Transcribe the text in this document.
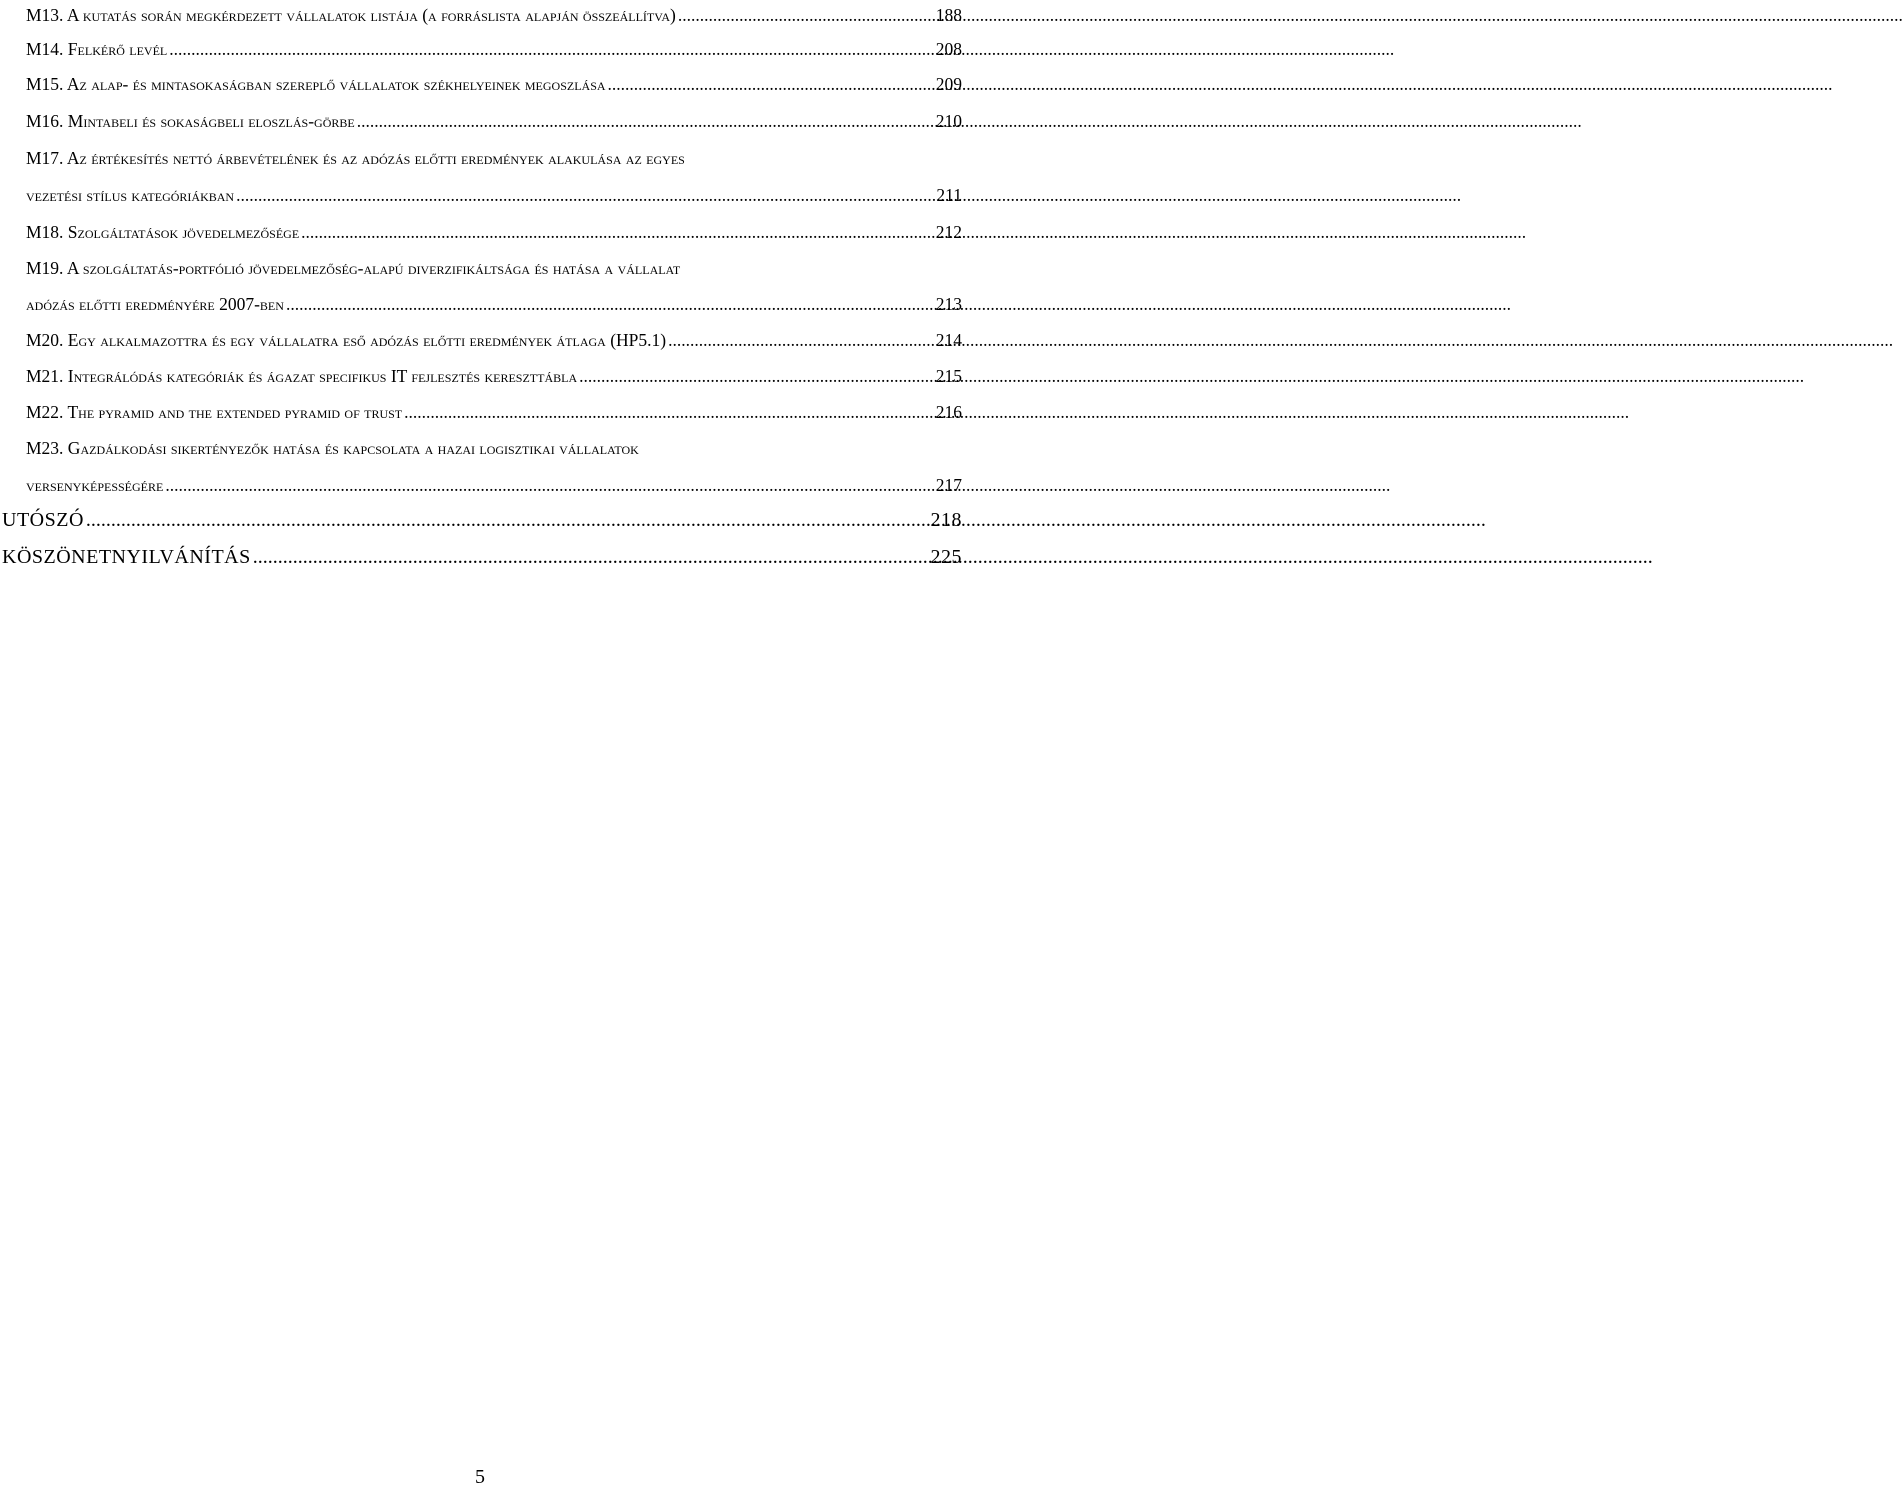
M13. A kutatás során megkérdezett vállalatok listája (a forráslista alapján összeállítva) .....	188
M14. Felkérő levél .....	208
M15. Az alap- és mintasokaságban szereplő vállalatok székhelyeinek megoszlása .....	209
M16. Mintabeli és sokaságbeli eloszlás-görbe .....	210
M17. Az értékesítés nettó árbevételének és az adózás előtti eredmények alakulása az egyes
vezetési stílus kategóriákban .....	211
M18. Szolgáltatások jövedelmezősége .....	212
M19. A szolgáltatás-portfólió jövedelmezőség-alapú diverzifikáltsága és hatása a vállalat
adózás előtti eredményére 2007-ben .....	213
M20. Egy alkalmazottra és egy vállalatra eső adózás előtti eredmények átlaga (HP5.1) .....	214
M21. Integrálódás kategóriák és ágazat specifikus IT fejlesztés kereszttábla .....	215
M22. The pyramid and the extended pyramid of trust .....	216
M23. Gazdálkodási sikertényezők hatása és kapcsolata a hazai logisztikai vállalatok
versenyképességére .....	217
UTÓSZÓ .....	218
KÖSZÖNETNYILVÁNÍTÁS .....	225
5
